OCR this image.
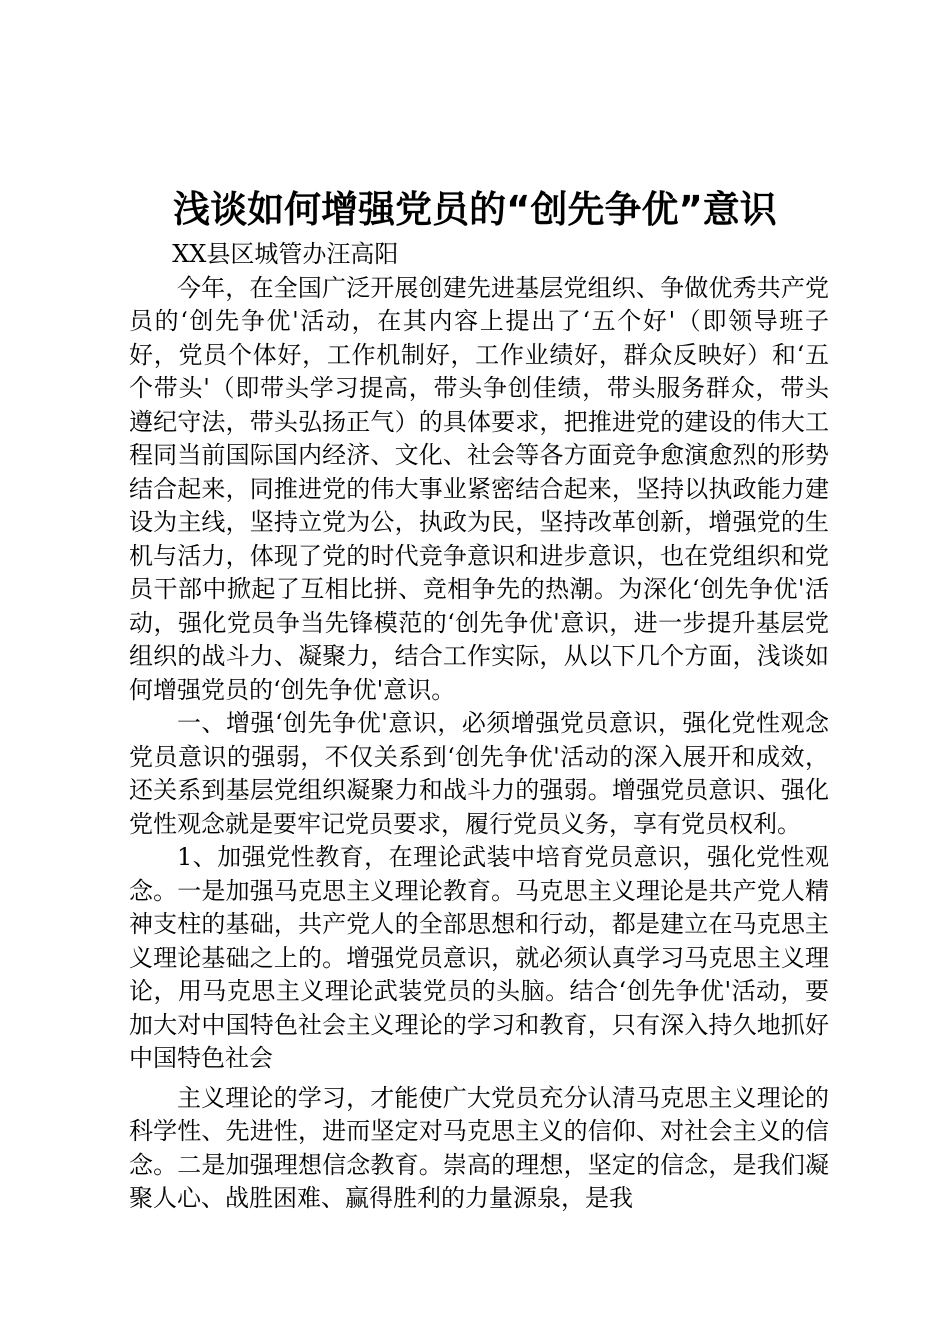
浅谈如何增强党员的“创先争优”意识

XX县区城管办汪高阳

今年，在全国广泛开展创建先进基层党组织、争做优秀共产党员的‘创先争优'活动，在其内容上提出了‘五个好'（即领导班子好，党员个体好，工作机制好，工作业绩好，群众反映好）和‘五个带头'（即带头学习提高，带头争创佳绩，带头服务群众，带头遵纪守法，带头弘扬正气）的具体要求，把推进党的建设的伟大工程同当前国际国内经济、文化、社会等各方面竞争愈演愈烈的形势结合起来，同推进党的伟大事业紧密结合起来，坚持以执政能力建设为主线，坚持立党为公，执政为民，坚持改革创新，增强党的生机与活力，体现了党的时代竞争意识和进步意识，也在党组织和党员干部中掀起了互相比拼、竞相争先的热潮。为深化‘创先争优'活动，强化党员争当先锋模范的‘创先争优'意识，进一步提升基层党组织的战斗力、凝聚力，结合工作实际，从以下几个方面，浅谈如何增强党员的‘创先争优'意识。

一、增强‘创先争优'意识，必须增强党员意识，强化党性观念党员意识的强弱，不仅关系到‘创先争优'活动的深入展开和成效，还关系到基层党组织凝聚力和战斗力的强弱。增强党员意识、强化党性观念就是要牢记党员要求，履行党员义务，享有党员权利。

1、加强党性教育，在理论武装中培育党员意识，强化党性观念。一是加强马克思主义理论教育。马克思主义理论是共产党人精神支柱的基础，共产党人的全部思想和行动，都是建立在马克思主义理论基础之上的。增强党员意识，就必须认真学习马克思主义理论，用马克思主义理论武装党员的头脑。结合‘创先争优'活动，要加大对中国特色社会主义理论的学习和教育，只有深入持久地抓好中国特色社会

主义理论的学习，才能使广大党员充分认清马克思主义理论的科学性、先进性，进而坚定对马克思主义的信仰、对社会主义的信念。二是加强理想信念教育。崇高的理想，坚定的信念，是我们凝聚人心、战胜困难、赢得胜利的力量源泉，是我
